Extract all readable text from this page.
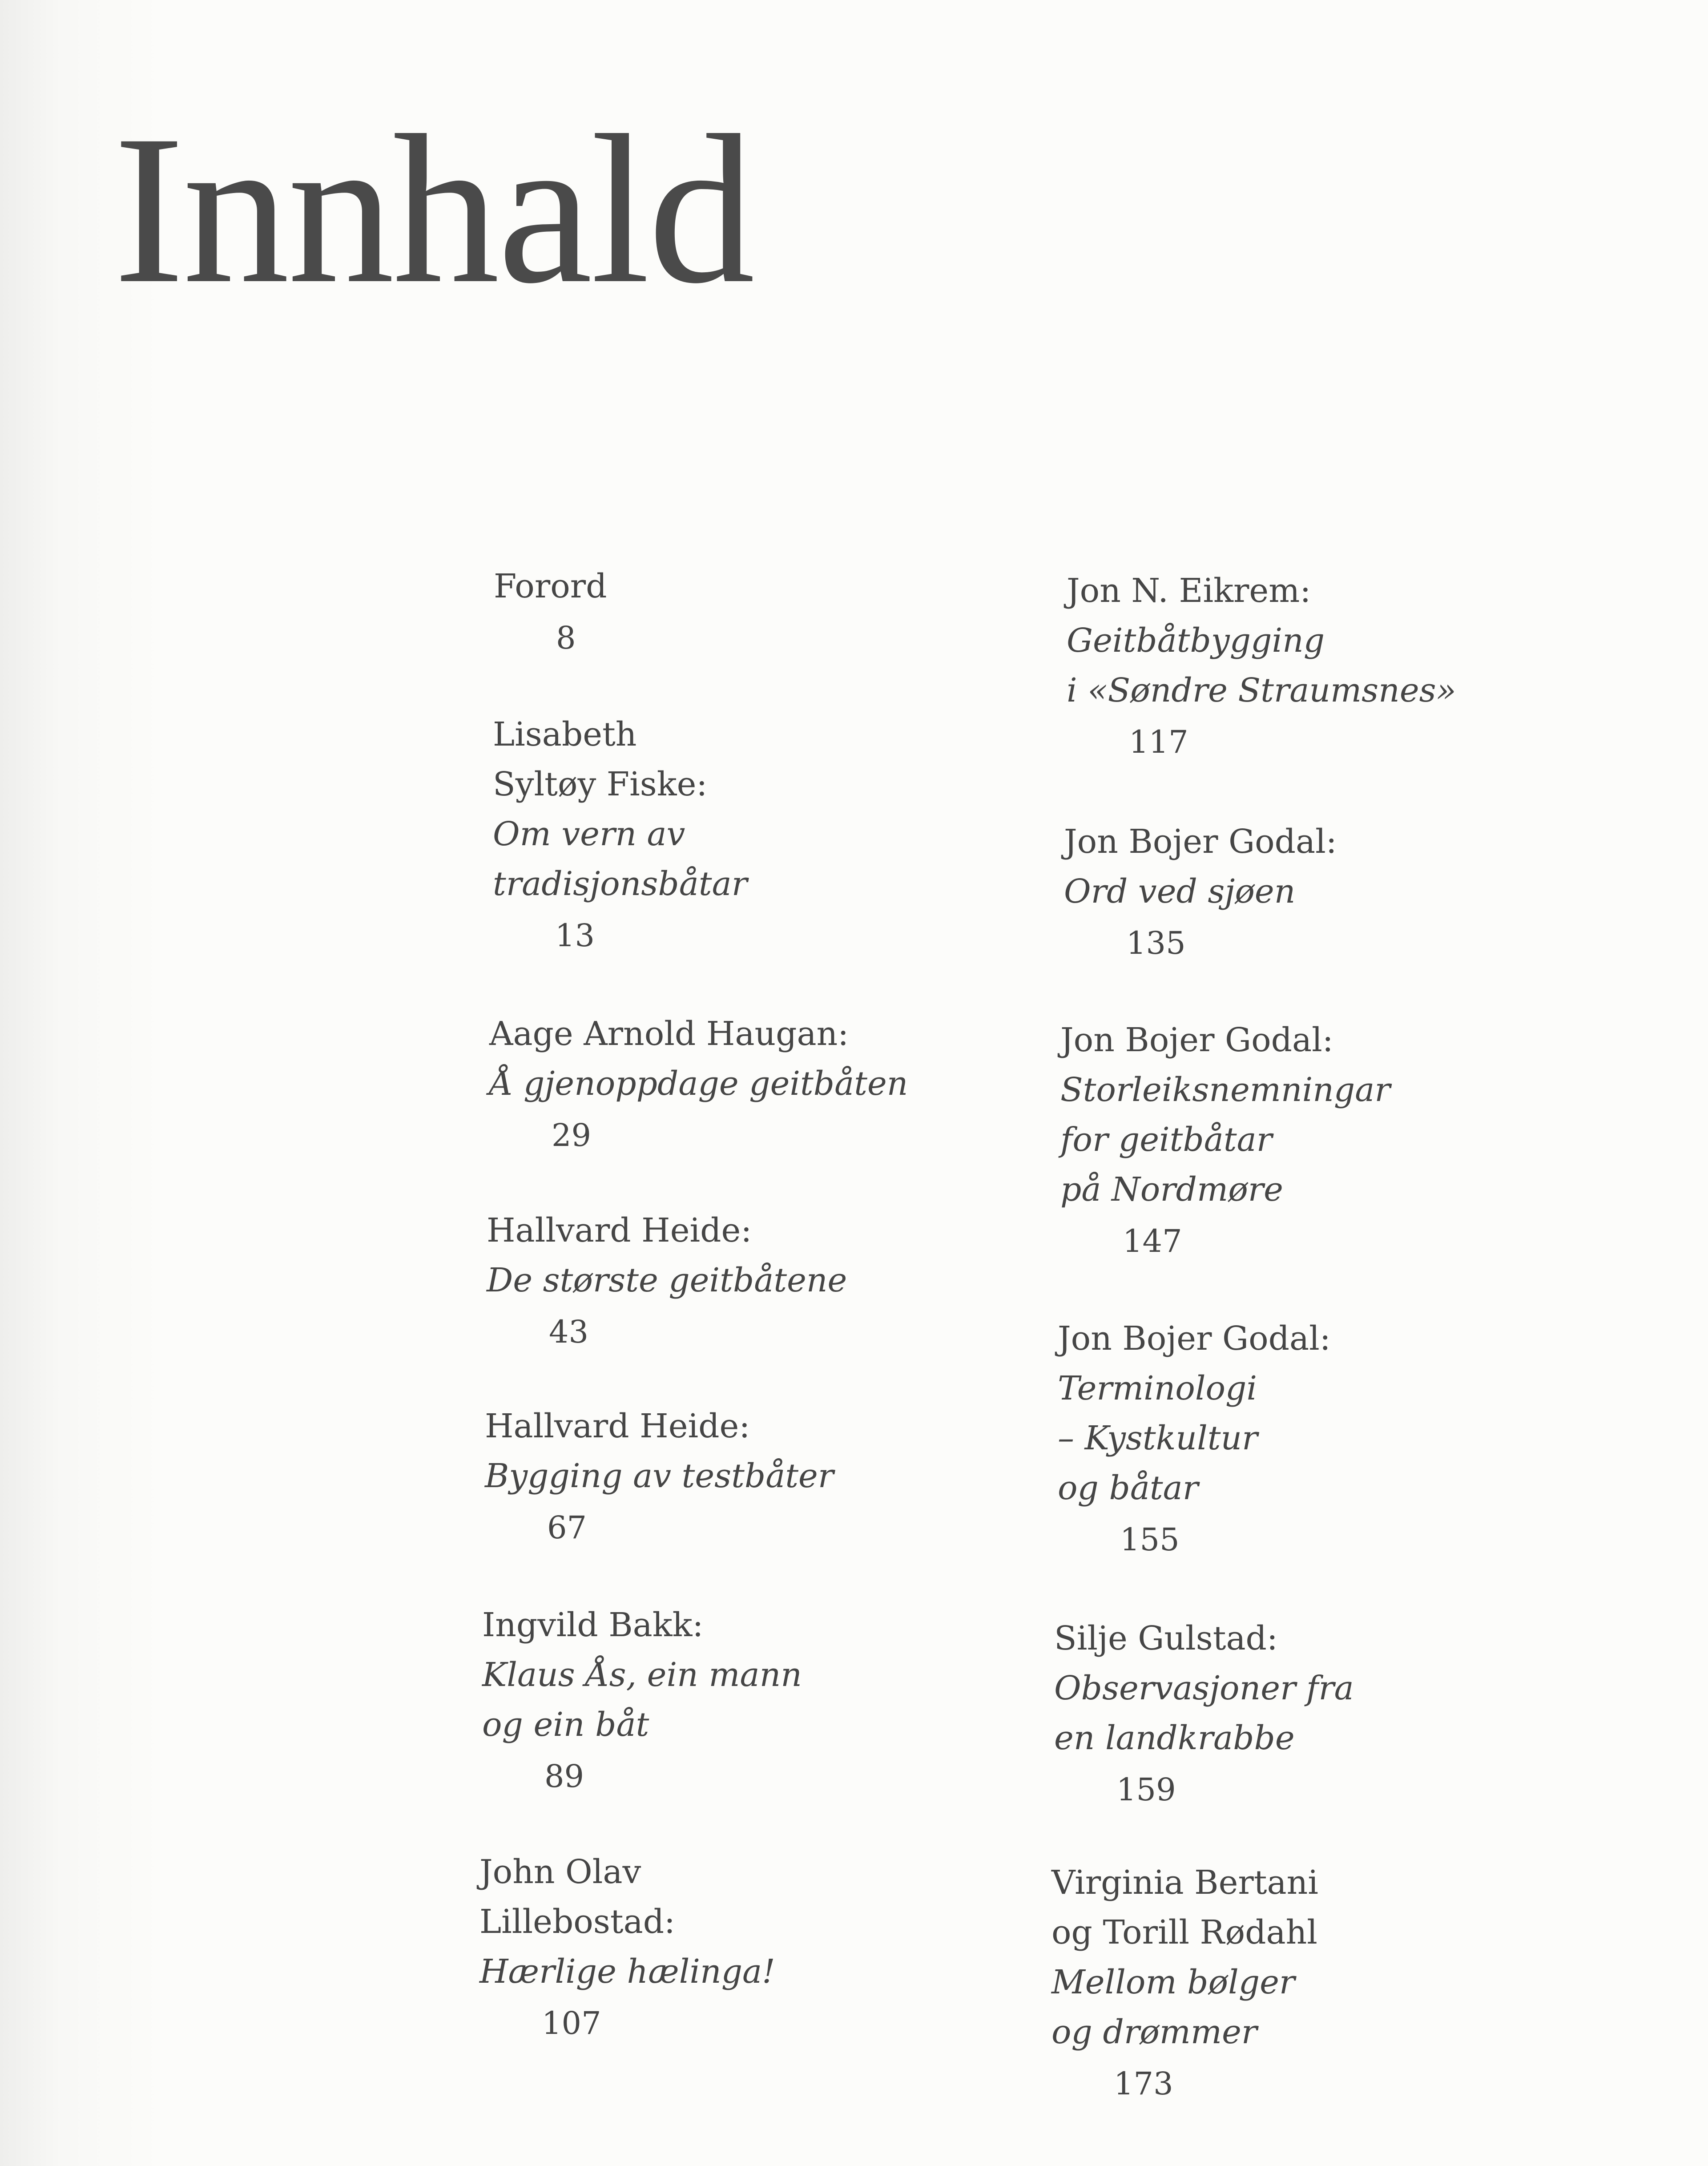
Innhald
Forord
8
Lisabeth
Syltøy Fiske:
Om vern av
tradisjonsbåtar
13
Aage Arnold Haugan:
Å gjenoppdage geitbåten
29
Hallvard Heide:
De største geitbåtene
43
Hallvard Heide:
Bygging av testbåter
67
Ingvild Bakk:
Klaus Ås, ein mann
og ein båt
89
John Olav
Lillebostad:
Hærlige hælinga!
107
Jon N. Eikrem:
Geitbåtbygging
i «Søndre Straumsnes»
117
Jon Bojer Godal:
Ord ved sjøen
135
Jon Bojer Godal:
Storleiksnemningar
for geitbåtar
på Nordmøre
147
Jon Bojer Godal:
Terminologi
– Kystkultur
og båtar
155
Silje Gulstad:
Observasjoner fra
en landkrabbe
159
Virginia Bertani
og Torill Rødahl
Mellom bølger
og drømmer
173
